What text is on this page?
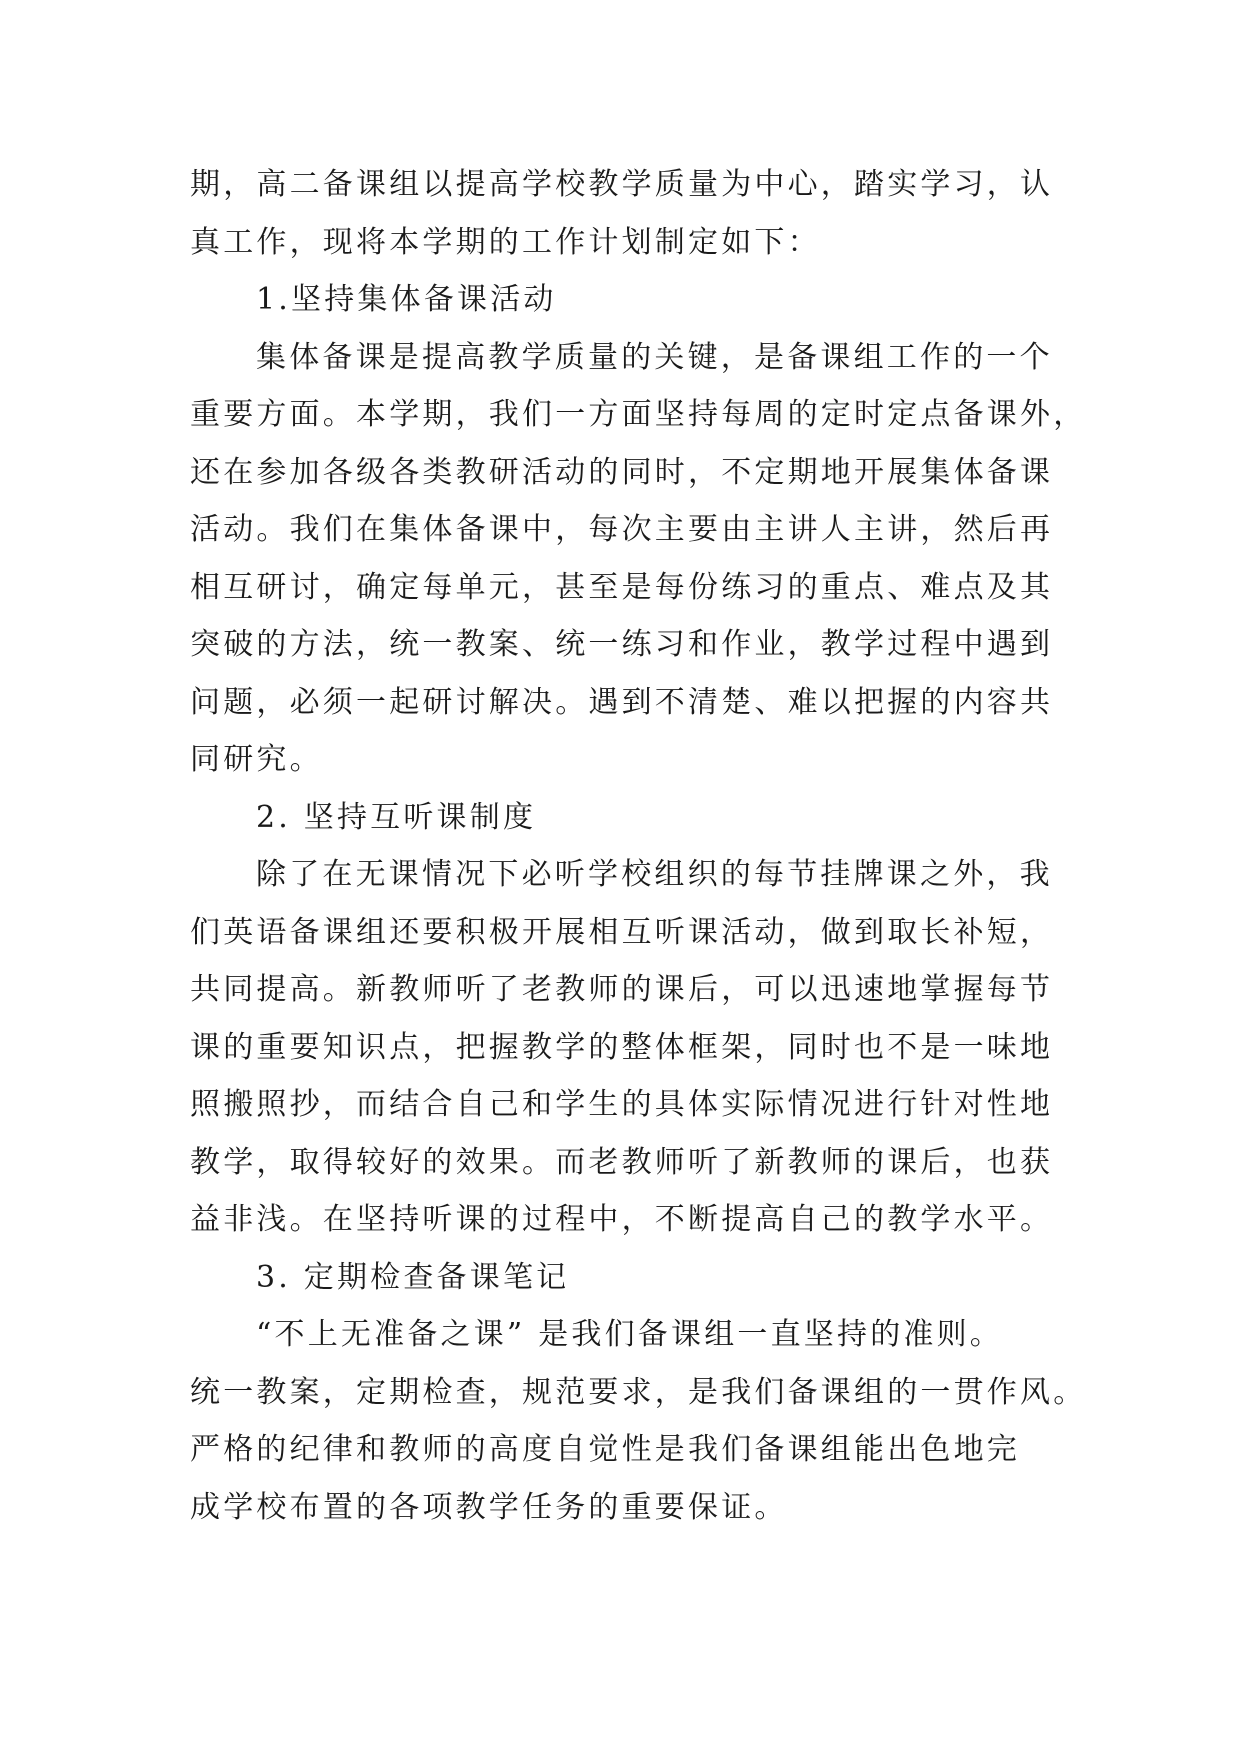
期，高二备课组以提高学校教学质量为中心，踏实学习，认
真工作，现将本学期的工作计划制定如下：
1.坚持集体备课活动
集体备课是提高教学质量的关键，是备课组工作的一个
重要方面。本学期，我们一方面坚持每周的定时定点备课外，
还在参加各级各类教研活动的同时，不定期地开展集体备课
活动。我们在集体备课中，每次主要由主讲人主讲，然后再
相互研讨，确定每单元，甚至是每份练习的重点、难点及其
突破的方法，统一教案、统一练习和作业，教学过程中遇到
问题，必须一起研讨解决。遇到不清楚、难以把握的内容共
同研究。
2. 坚持互听课制度
除了在无课情况下必听学校组织的每节挂牌课之外，我
们英语备课组还要积极开展相互听课活动，做到取长补短，
共同提高。新教师听了老教师的课后，可以迅速地掌握每节
课的重要知识点，把握教学的整体框架，同时也不是一味地
照搬照抄，而结合自己和学生的具体实际情况进行针对性地
教学，取得较好的效果。而老教师听了新教师的课后，也获
益非浅。在坚持听课的过程中，不断提高自己的教学水平。
3. 定期检查备课笔记
“不上无准备之课” 是我们备课组一直坚持的准则。
统一教案，定期检查，规范要求，是我们备课组的一贯作风。
严格的纪律和教师的高度自觉性是我们备课组能出色地完
成学校布置的各项教学任务的重要保证。
